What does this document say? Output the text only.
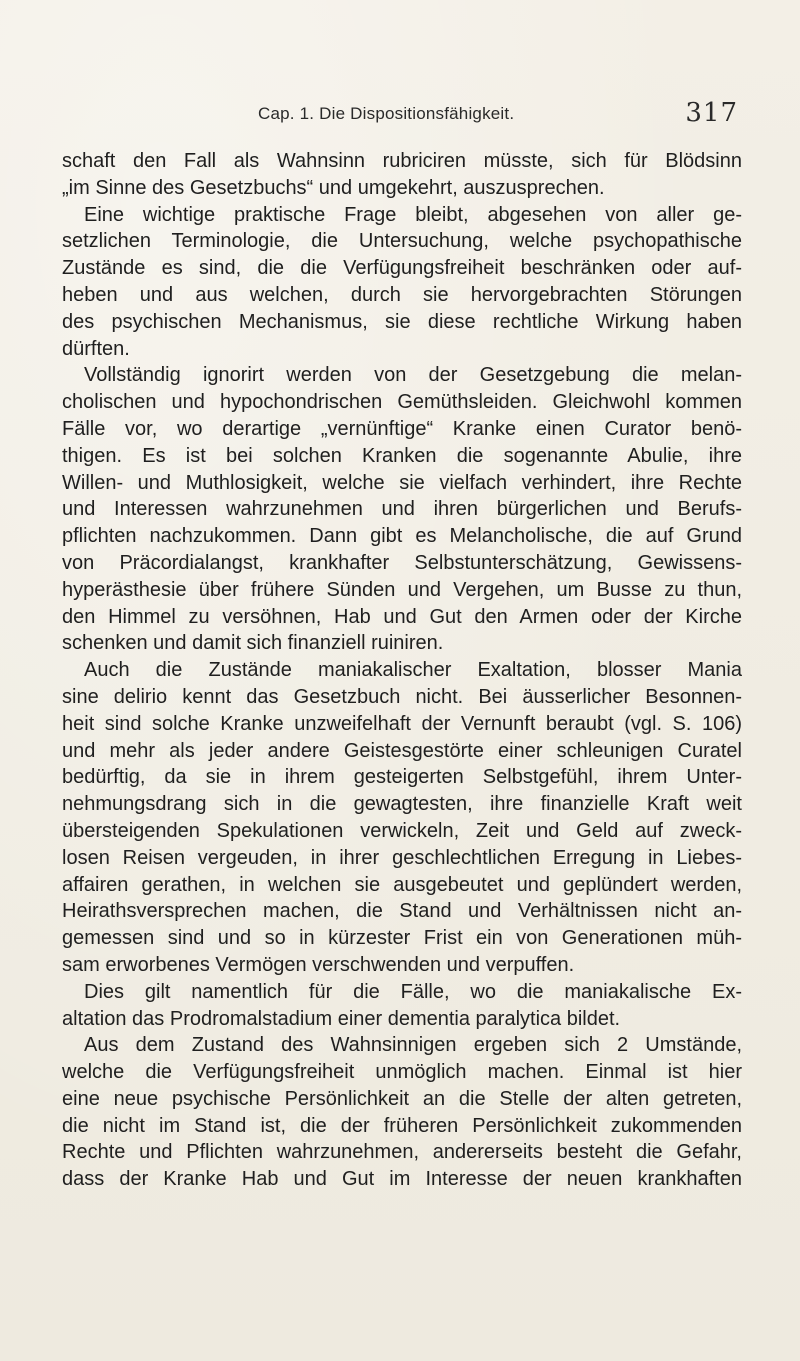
Cap. 1. Die Dispositionsfähigkeit.	317
schaft den Fall als Wahnsinn rubriciren müsste, sich für Blödsinn
„im Sinne des Gesetzbuchs“ und umgekehrt, auszusprechen.
Eine wichtige praktische Frage bleibt, abgesehen von aller ge-
setzlichen Terminologie, die Untersuchung, welche psychopathische
Zustände es sind, die die Verfügungsfreiheit beschränken oder auf-
heben und aus welchen, durch sie hervorgebrachten Störungen
des psychischen Mechanismus, sie diese rechtliche Wirkung haben
dürften.
Vollständig ignorirt werden von der Gesetzgebung die melan-
cholischen und hypochondrischen Gemüthsleiden. Gleichwohl kommen
Fälle vor, wo derartige „vernünftige“ Kranke einen Curator benö-
thigen. Es ist bei solchen Kranken die sogenannte Abulie, ihre
Willen- und Muthlosigkeit, welche sie vielfach verhindert, ihre Rechte
und Interessen wahrzunehmen und ihren bürgerlichen und Berufs-
pflichten nachzukommen. Dann gibt es Melancholische, die auf Grund
von Präcordialangst, krankhafter Selbstunterschätzung, Gewissens-
hyperästhesie über frühere Sünden und Vergehen, um Busse zu thun,
den Himmel zu versöhnen, Hab und Gut den Armen oder der Kirche
schenken und damit sich finanziell ruiniren.
Auch die Zustände maniakalischer Exaltation, blosser Mania
sine delirio kennt das Gesetzbuch nicht. Bei äusserlicher Besonnen-
heit sind solche Kranke unzweifelhaft der Vernunft beraubt (vgl. S. 106)
und mehr als jeder andere Geistesgestörte einer schleunigen Curatel
bedürftig, da sie in ihrem gesteigerten Selbstgefühl, ihrem Unter-
nehmungsdrang sich in die gewagtesten, ihre finanzielle Kraft weit
übersteigenden Spekulationen verwickeln, Zeit und Geld auf zweck-
losen Reisen vergeuden, in ihrer geschlechtlichen Erregung in Liebes-
affairen gerathen, in welchen sie ausgebeutet und geplündert werden,
Heirathsversprechen machen, die Stand und Verhältnissen nicht an-
gemessen sind und so in kürzester Frist ein von Generationen müh-
sam erworbenes Vermögen verschwenden und verpuffen.
Dies gilt namentlich für die Fälle, wo die maniakalische Ex-
altation das Prodromalstadium einer dementia paralytica bildet.
Aus dem Zustand des Wahnsinnigen ergeben sich 2 Umstände,
welche die Verfügungsfreiheit unmöglich machen. Einmal ist hier
eine neue psychische Persönlichkeit an die Stelle der alten getreten,
die nicht im Stand ist, die der früheren Persönlichkeit zukommenden
Rechte und Pflichten wahrzunehmen, andererseits besteht die Gefahr,
dass der Kranke Hab und Gut im Interesse der neuen krankhaften
